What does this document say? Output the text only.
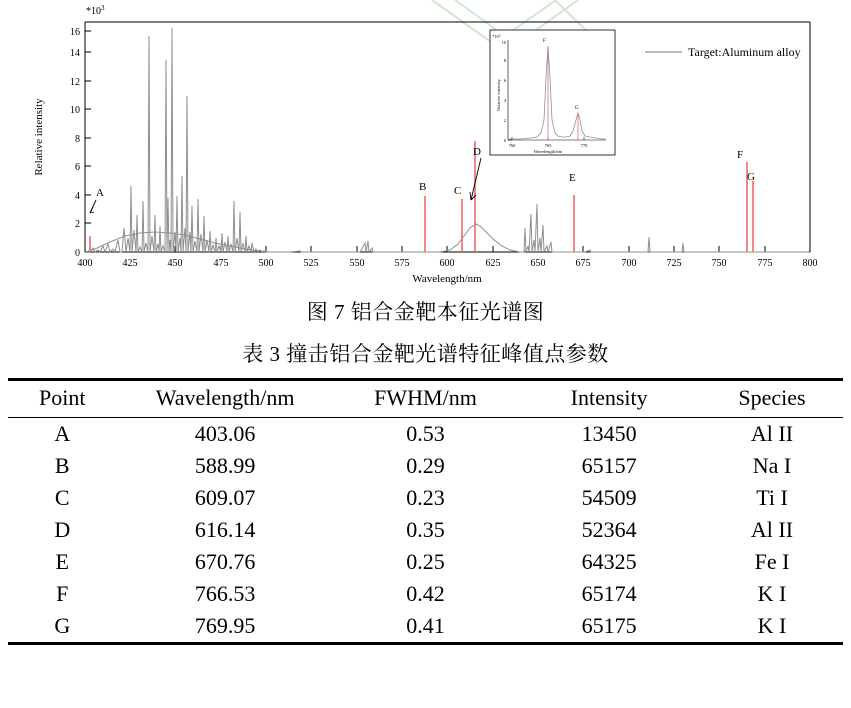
0
2
4
6
8
10
12
14
16
$*10^3$
Relative intensity
400	425	450	475	500	525	550	575	600	625	650	675	700	725	750	775	800
Wavelength/nm
A	B	C
D
E
F
G
Target:Aluminum alloy
760	765	770
0
2
4
6
8
10
$*10^3$
Wavelength/nm
Relative intensity
F
G
图 7 铝合金靶本征光谱图
表 3 撞击铝合金靶光谱特征峰值点参数
Point	Wavelength/nm	FWHM/nm	Intensity	Species
A	403.06	0.53	13450	Al II
B	588.99	0.29	65157	Na I
C	609.07	0.23	54509	Ti I
D	616.14	0.35	52364	Al II
E	670.76	0.25	64325	Fe I
F	766.53	0.42	65174	K I
G	769.95	0.41	65175	K I
